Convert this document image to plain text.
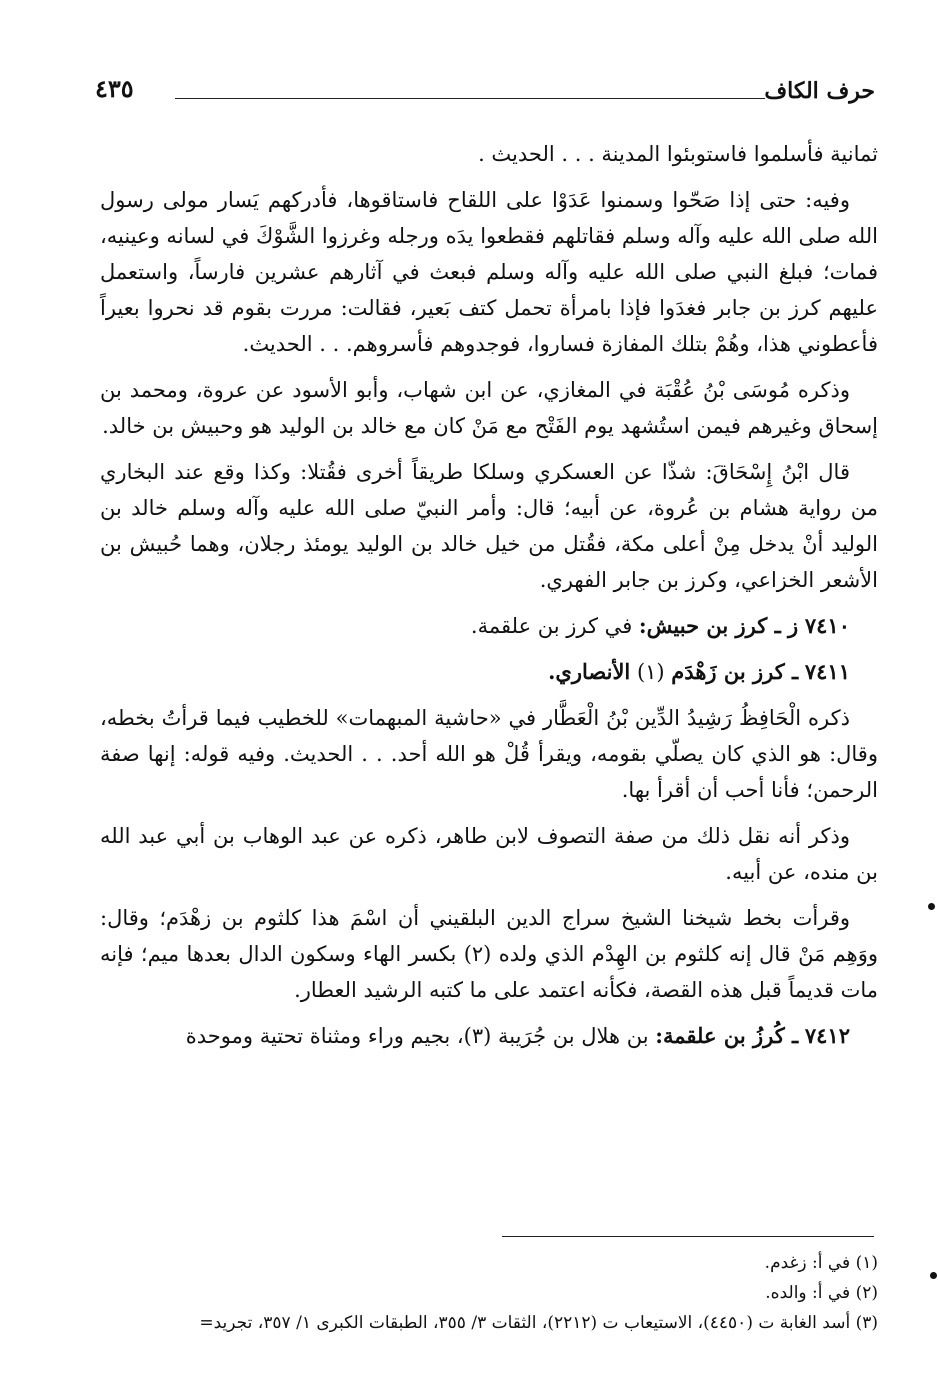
حرف الكاف
٤٣٥

ثمانية فأسلموا فاستوبئوا المدينة . . . الحديث .

وفيه: حتى إذا صَحّوا وسمنوا عَدَوْا على اللقاح فاستاقوها، فأدركهم يَسار مولى رسول الله صلى الله عليه وآله وسلم فقاتلهم فقطعوا يدَه ورجله وغرزوا الشَّوْكَ في لسانه وعينيه، فمات؛ فبلغ النبي صلى الله عليه وآله وسلم فبعث في آثارهم عشرين فارساً، واستعمل عليهم كرز بن جابر فغدَوا فإذا بامرأة تحمل كتف بَعير، فقالت: مررت بقوم قد نحروا بعيراً فأعطوني هذا، وهُمْ بتلك المفازة فساروا، فوجدوهم فأسروهم. . . الحديث.

وذكره مُوسَى بْنُ عُقْبَة في المغازي، عن ابن شهاب، وأبو الأسود عن عروة، ومحمد بن إسحاق وغيرهم فيمن استُشهد يوم الفَتْح مع مَنْ كان مع خالد بن الوليد هو وحبيش بن خالد.

قال ابْنُ إِسْحَاقَ: شذّا عن العسكري وسلكا طريقاً أخرى فقُتلا: وكذا وقع عند البخاري من رواية هشام بن عُروة، عن أبيه؛ قال: وأمر النبيّ صلى الله عليه وآله وسلم خالد بن الوليد أنْ يدخل مِنْ أعلى مكة، فقُتل من خيل خالد بن الوليد يومئذ رجلان، وهما حُبيش بن الأشعر الخزاعي، وكرز بن جابر الفهري.

٧٤١٠ ز ـ كرز بن حبيش: في كرز بن علقمة.

٧٤١١ ـ كرز بن زَهْدَم (١) الأنصاري.

ذكره الْحَافِظُ رَشِيدُ الدِّين بْنُ الْعَطَّار في «حاشية المبهمات» للخطيب فيما قرأتُ بخطه، وقال: هو الذي كان يصلّي بقومه، ويقرأ قُلْ هو الله أحد. . . الحديث. وفيه قوله: إنها صفة الرحمن؛ فأنا أحب أن أقرأ بها.

وذكر أنه نقل ذلك من صفة التصوف لابن طاهر، ذكره عن عبد الوهاب بن أبي عبد الله بن منده، عن أبيه.

وقرأت بخط شيخنا الشيخ سراج الدين البلقيني أن اسْمَ هذا كلثوم بن زهْدَم؛ وقال: ووَهِم مَنْ قال إنه كلثوم بن الهِدْم الذي ولده (٢) بكسر الهاء وسكون الدال بعدها ميم؛ فإنه مات قديماً قبل هذه القصة، فكأنه اعتمد على ما كتبه الرشيد العطار.

٧٤١٢ ـ كُرزُ بن علقمة: بن هلال بن جُرَيبة (٣)، بجيم وراء ومثناة تحتية وموحدة

(١) في أ: زغدم.

(٢) في أ: والده.

(٣) أسد الغابة ت (٤٤٥٠)، الاستيعاب ت (٢٢١٢)، الثقات ٣/ ٣٥٥، الطبقات الكبرى ١/ ٣٥٧، تجريد=
